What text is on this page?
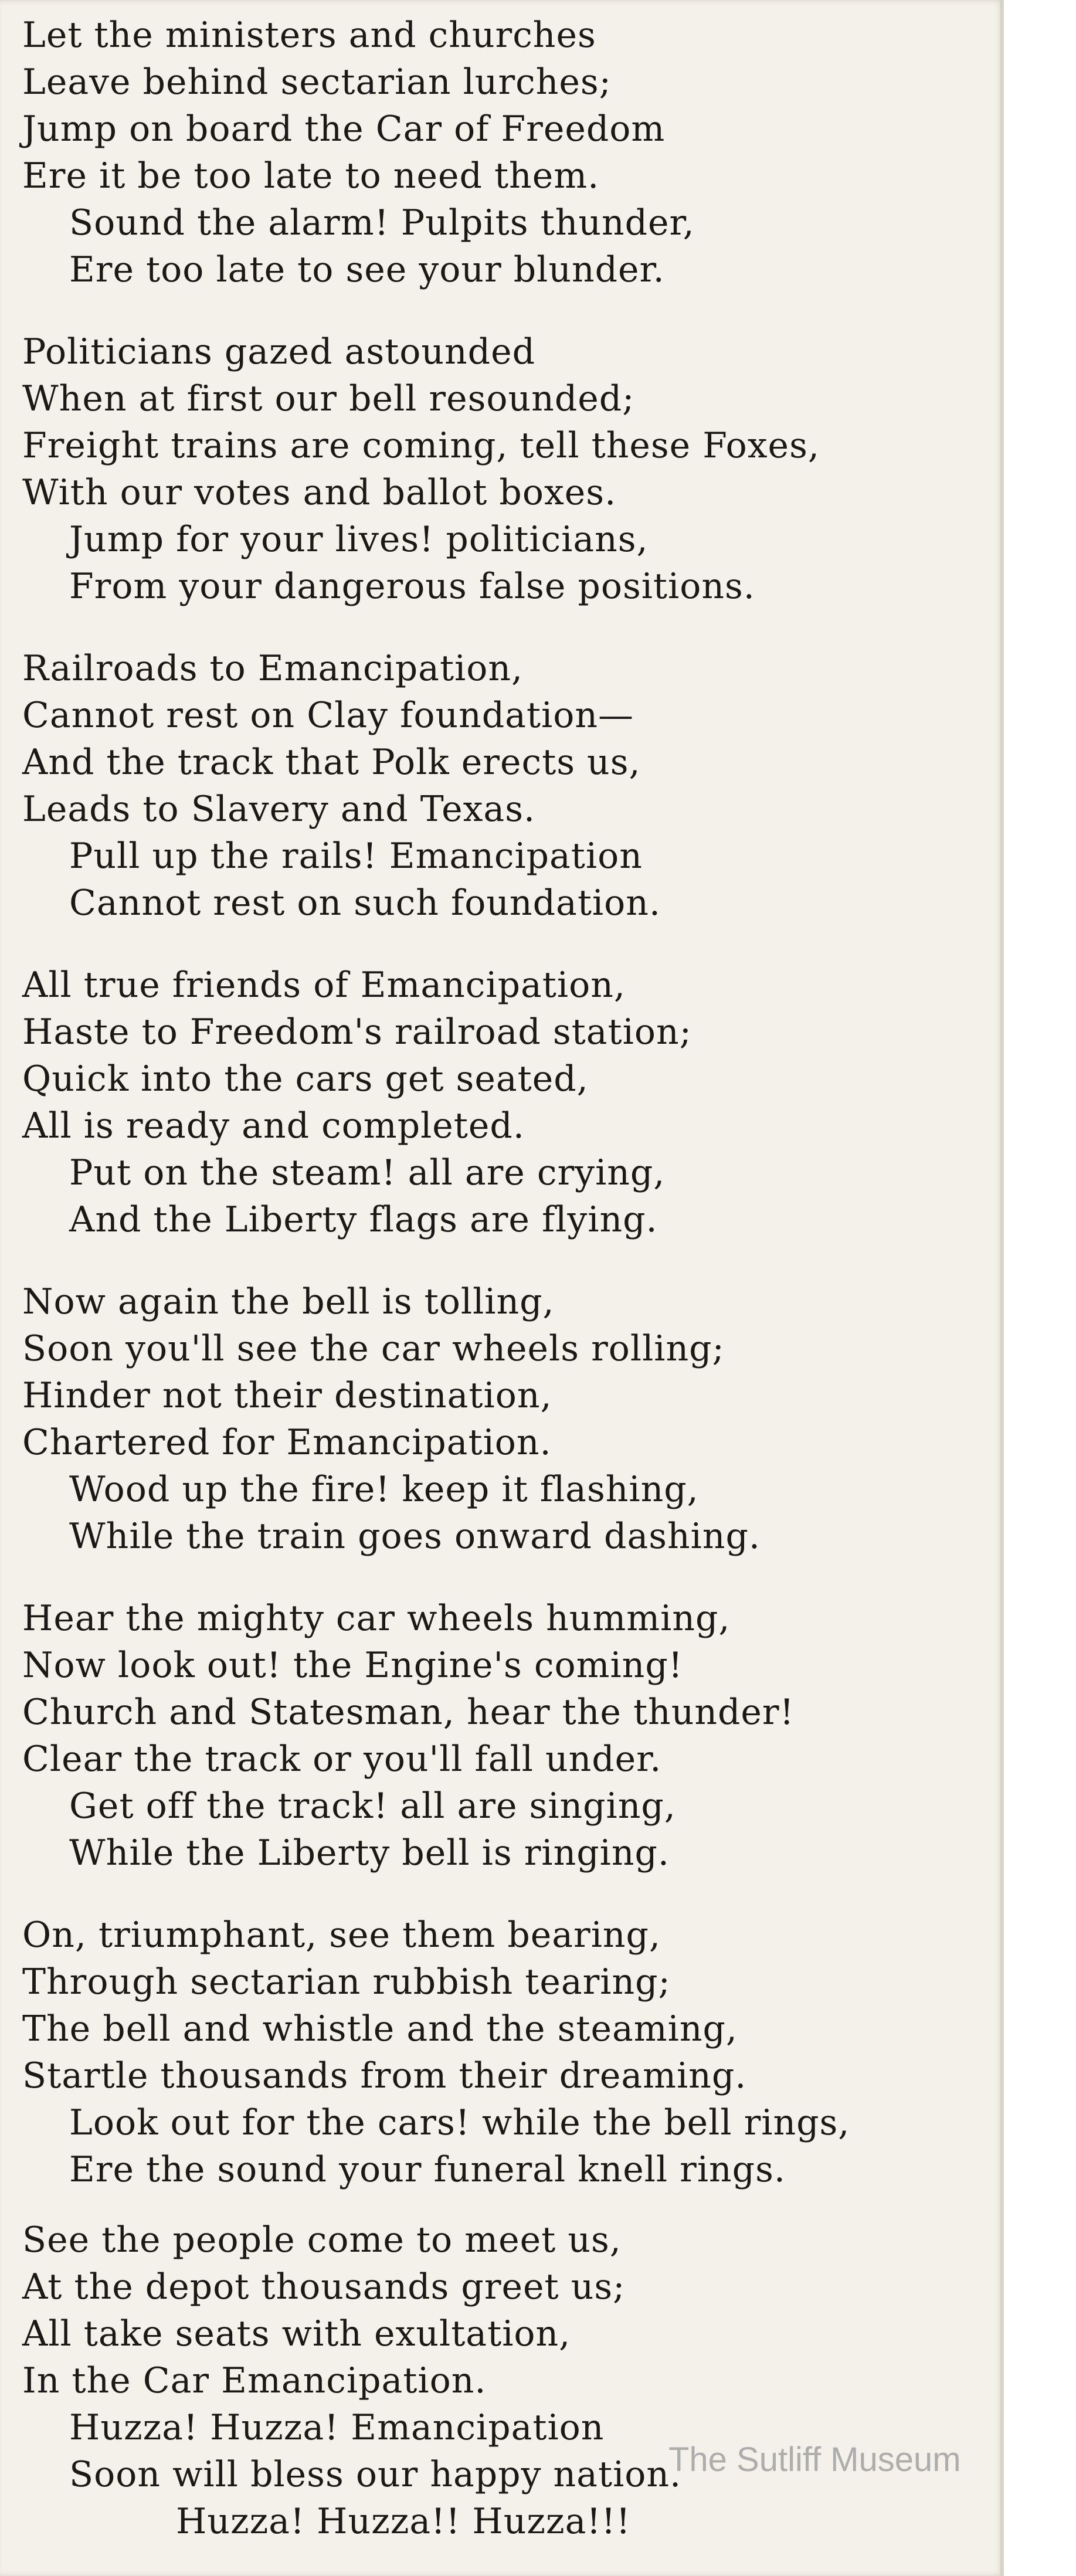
Let the ministers and churches
Leave behind sectarian lurches;
Jump on board the Car of Freedom
Ere it be too late to need them.
Sound the alarm! Pulpits thunder,
Ere too late to see your blunder.
Politicians gazed astounded
When at first our bell resounded;
Freight trains are coming, tell these Foxes,
With our votes and ballot boxes.
Jump for your lives! politicians,
From your dangerous false positions.
Railroads to Emancipation,
Cannot rest on Clay foundation—
And the track that Polk erects us,
Leads to Slavery and Texas.
Pull up the rails! Emancipation
Cannot rest on such foundation.
All true friends of Emancipation,
Haste to Freedom's railroad station;
Quick into the cars get seated,
All is ready and completed.
Put on the steam! all are crying,
And the Liberty flags are flying.
Now again the bell is tolling,
Soon you'll see the car wheels rolling;
Hinder not their destination,
Chartered for Emancipation.
Wood up the fire! keep it flashing,
While the train goes onward dashing.
Hear the mighty car wheels humming,
Now look out! the Engine's coming!
Church and Statesman, hear the thunder!
Clear the track or you'll fall under.
Get off the track! all are singing,
While the Liberty bell is ringing.
On, triumphant, see them bearing,
Through sectarian rubbish tearing;
The bell and whistle and the steaming,
Startle thousands from their dreaming.
Look out for the cars! while the bell rings,
Ere the sound your funeral knell rings.
See the people come to meet us,
At the depot thousands greet us;
All take seats with exultation,
In the Car Emancipation.
Huzza! Huzza! Emancipation
Soon will bless our happy nation.
Huzza! Huzza!! Huzza!!!
The Sutliff Museum
